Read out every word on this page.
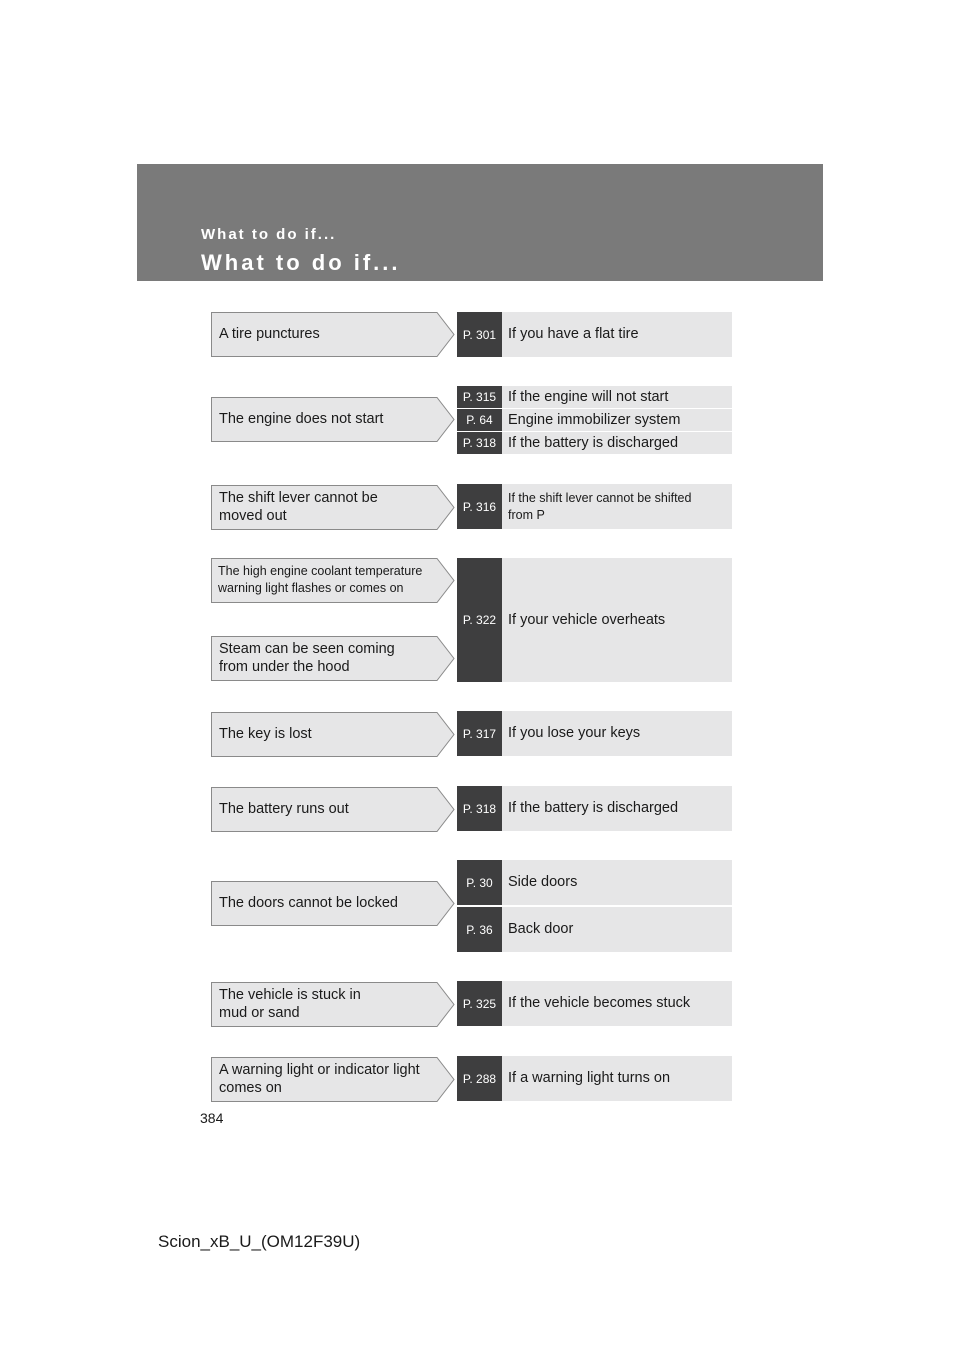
What to do if...
What to do if...
A tire punctures	P. 301 If you have a flat tire
The engine does not start
P. 315 If the engine will not start
P. 64	Engine immobilizer system
P. 318 If the battery is discharged
The shift lever cannot be
moved out
P. 316
If the shift lever cannot be shifted
from P
The high engine coolant temperature
warning light flashes or comes on
Steam can be seen coming
from under the hood
P. 322 If your vehicle overheats
The key is lost	P. 317 If you lose your keys
The battery runs out	P. 318 If the battery is discharged
The doors cannot be locked
P. 30	Side doors
P. 36	Back door
The vehicle is stuck in
mud or sand
P. 325 If the vehicle becomes stuck
A warning light or indicator light
comes on
P. 288 If a warning light turns on
384
Scion_xB_U_(OM12F39U)
